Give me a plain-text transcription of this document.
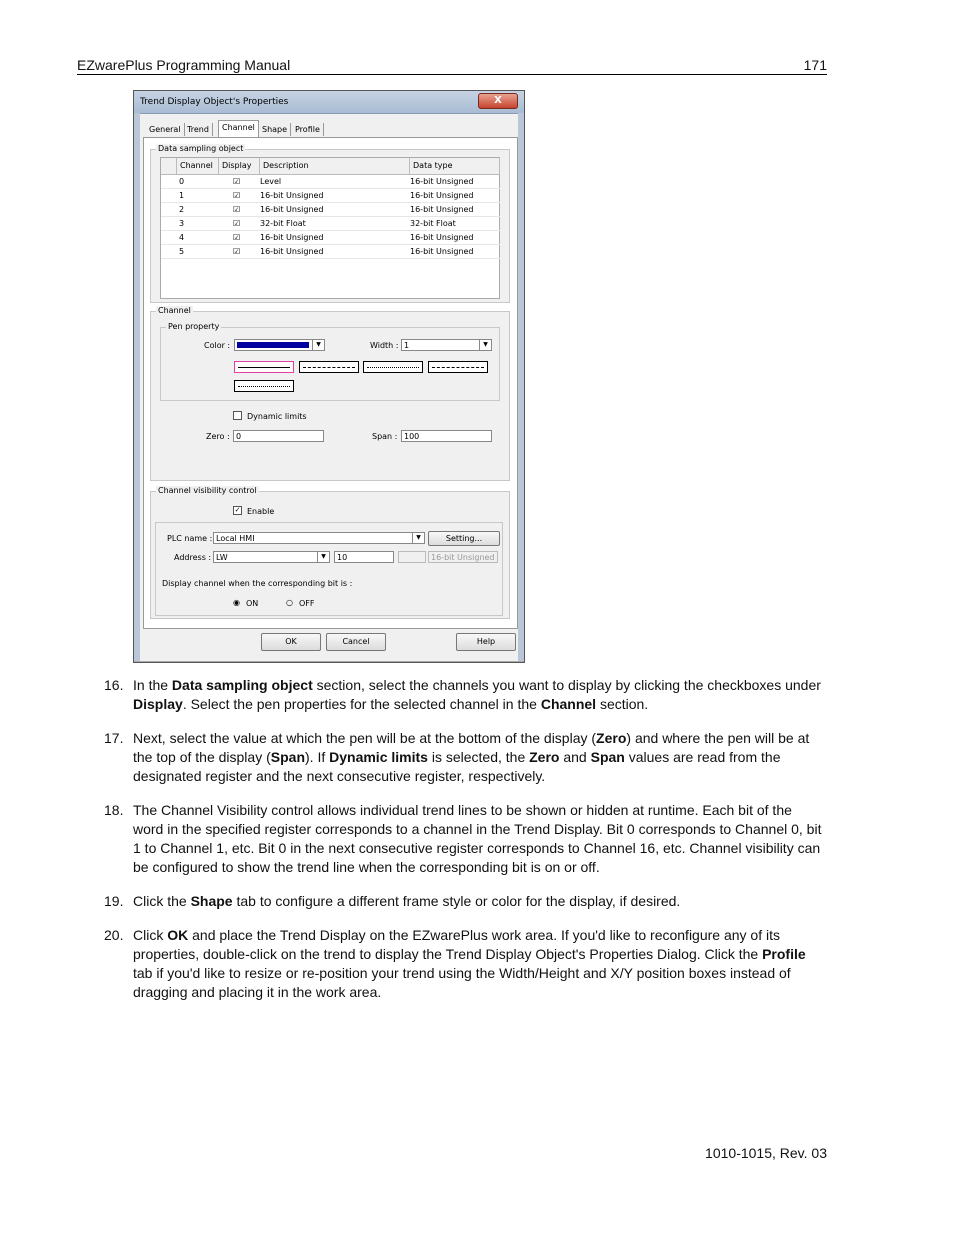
EZwarePlus Programming Manual	171
Trend Display Object's Properties	X
General Trend	Channel Shape Profile
Data sampling object
Channel	Display	Description	Data type
0	☑ Level	16-bit Unsigned
1	☑ 16-bit Unsigned	16-bit Unsigned
2	☑ 16-bit Unsigned	16-bit Unsigned
3	☑ 32-bit Float	32-bit Float
4	☑ 16-bit Unsigned	16-bit Unsigned
5	☑ 16-bit Unsigned	16-bit Unsigned
Channel
Pen property
Color :	▼	Width : 1	▼
Dynamic limits
Zero : 0	Span : 100
Channel visibility control
✓ Enable
PLC name : Local HMI	▼	Setting...
Address : LW	▼	10	16-bit Unsigned
Display channel when the corresponding bit is :
◉ ON	○ OFF
OK	Cancel	Help
16. In the Data sampling object section, select the channels you want to display by clicking the checkboxes under Display. Select the pen properties for the selected channel in the Channel section.
17. Next, select the value at which the pen will be at the bottom of the display (Zero) and where the pen will be at the top of the display (Span). If Dynamic limits is selected, the Zero and Span values are read from the designated register and the next consecutive register, respectively.
18. The Channel Visibility control allows individual trend lines to be shown or hidden at runtime. Each bit of the word in the specified register corresponds to a channel in the Trend Display. Bit 0 corresponds to Channel 0, bit 1 to Channel 1, etc. Bit 0 in the next consecutive register corresponds to Channel 16, etc. Channel visibility can be configured to show the trend line when the corresponding bit is on or off.
19. Click the Shape tab to configure a different frame style or color for the display, if desired.
20. Click OK and place the Trend Display on the EZwarePlus work area. If you'd like to reconfigure any of its properties, double-click on the trend to display the Trend Display Object's Properties Dialog. Click the Profile tab if you'd like to resize or re-position your trend using the Width/Height and X/Y position boxes instead of dragging and placing it in the work area.
1010-1015, Rev. 03
